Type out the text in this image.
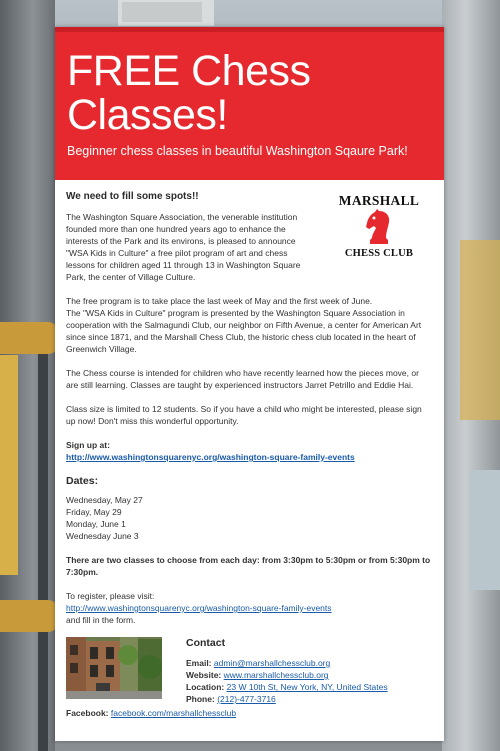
FREE Chess Classes!
Beginner chess classes in beautiful Washington Sqaure Park!
We need to fill some spots!!
The Washington Square Association, the venerable institution founded more than one hundred years ago to enhance the interests of the Park and its environs, is pleased to announce "WSA Kids in Culture" a free pilot program of art and chess lessons for children aged 11 through 13 in Washington Square Park, the center of Village Culture.
MARSHALL
CHESS CLUB

The free program is to take place the last week of May and the first week of June.
The "WSA Kids in Culture" program is presented by the Washington Square Association in cooperation with the Salmagundi Club, our neighbor on Fifth Avenue, a center for American Art since since 1871, and the Marshall Chess Club, the historic chess club located in the heart of Greenwich Village.

The Chess course is intended for children who have recently learned how the pieces move, or are still learning. Classes are taught by experienced instructors Jarret Petrillo and Eddie Hai.

Class size is limited to 12 students. So if you have a child who might be interested, please sign up now! Don't miss this wonderful opportunity.

Sign up at:
http://www.washingtonsquarenyc.org/washington-square-family-events
Dates:
Wednesday, May 27
Friday, May 29
Monday, June 1
Wednesday June 3

There are two classes to choose from each day: from 3:30pm to 5:30pm or from 5:30pm to 7:30pm.

To register, please visit:
http://www.washingtonsquarenyc.org/washington-square-family-events
and fill in the form.
Contact
Email: admin@marshallchessclub.org
Website: www.marshallchessclub.org
Location: 23 W 10th St, New York, NY, United States
Phone: (212)-477-3716
Facebook: facebook.com/marshallchessclub
